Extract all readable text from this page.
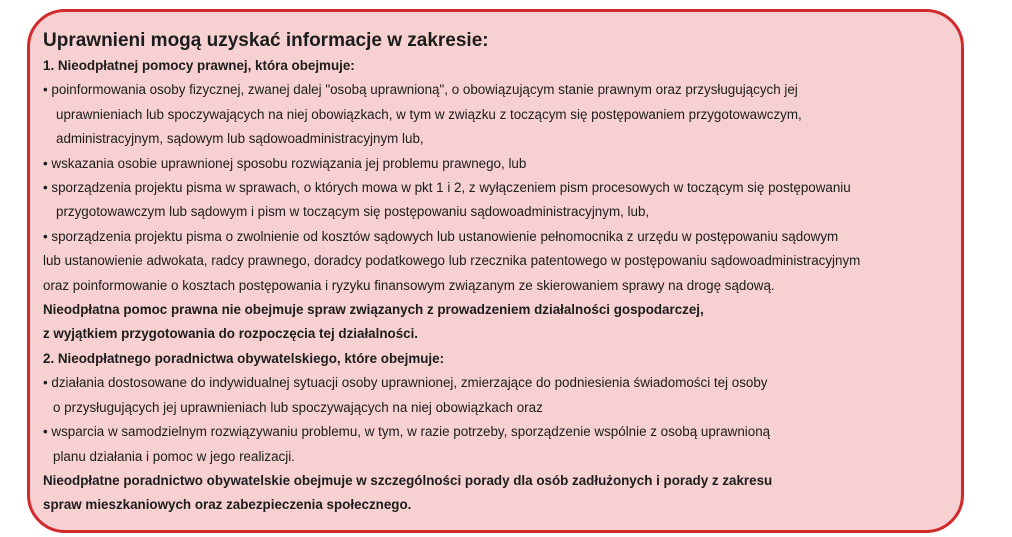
Uprawnieni mogą uzyskać informacje w zakresie:

1. Nieodpłatnej pomocy prawnej, która obejmuje:

• poinformowania osoby fizycznej, zwanej dalej "osobą uprawnioną", o obowiązującym stanie prawnym oraz przysługujących jej

uprawnieniach lub spoczywających na niej obowiązkach, w tym w związku z toczącym się postępowaniem przygotowawczym,

administracyjnym, sądowym lub sądowoadministracyjnym lub,

• wskazania osobie uprawnionej sposobu rozwiązania jej problemu prawnego, lub

• sporządzenia projektu pisma w sprawach, o których mowa w pkt 1 i 2, z wyłączeniem pism procesowych w toczącym się postępowaniu

przygotowawczym lub sądowym i pism w toczącym się postępowaniu sądowoadministracyjnym, lub,

• sporządzenia projektu pisma o zwolnienie od kosztów sądowych lub ustanowienie pełnomocnika z urzędu w postępowaniu sądowym

lub ustanowienie adwokata, radcy prawnego, doradcy podatkowego lub rzecznika patentowego w postępowaniu sądowoadministracyjnym

oraz poinformowanie o kosztach postępowania i ryzyku finansowym związanym ze skierowaniem sprawy na drogę sądową.

Nieodpłatna pomoc prawna nie obejmuje spraw związanych z prowadzeniem działalności gospodarczej,

z wyjątkiem przygotowania do rozpoczęcia tej działalności.

2. Nieodpłatnego poradnictwa obywatelskiego, które obejmuje:

• działania dostosowane do indywidualnej sytuacji osoby uprawnionej, zmierzające do podniesienia świadomości tej osoby

o przysługujących jej uprawnieniach lub spoczywających na niej obowiązkach oraz

• wsparcia w samodzielnym rozwiązywaniu problemu, w tym, w razie potrzeby, sporządzenie wspólnie z osobą uprawnioną

planu działania i pomoc w jego realizacji.

Nieodpłatne poradnictwo obywatelskie obejmuje w szczególności porady dla osób zadłużonych i porady z zakresu

spraw mieszkaniowych oraz zabezpieczenia społecznego.
